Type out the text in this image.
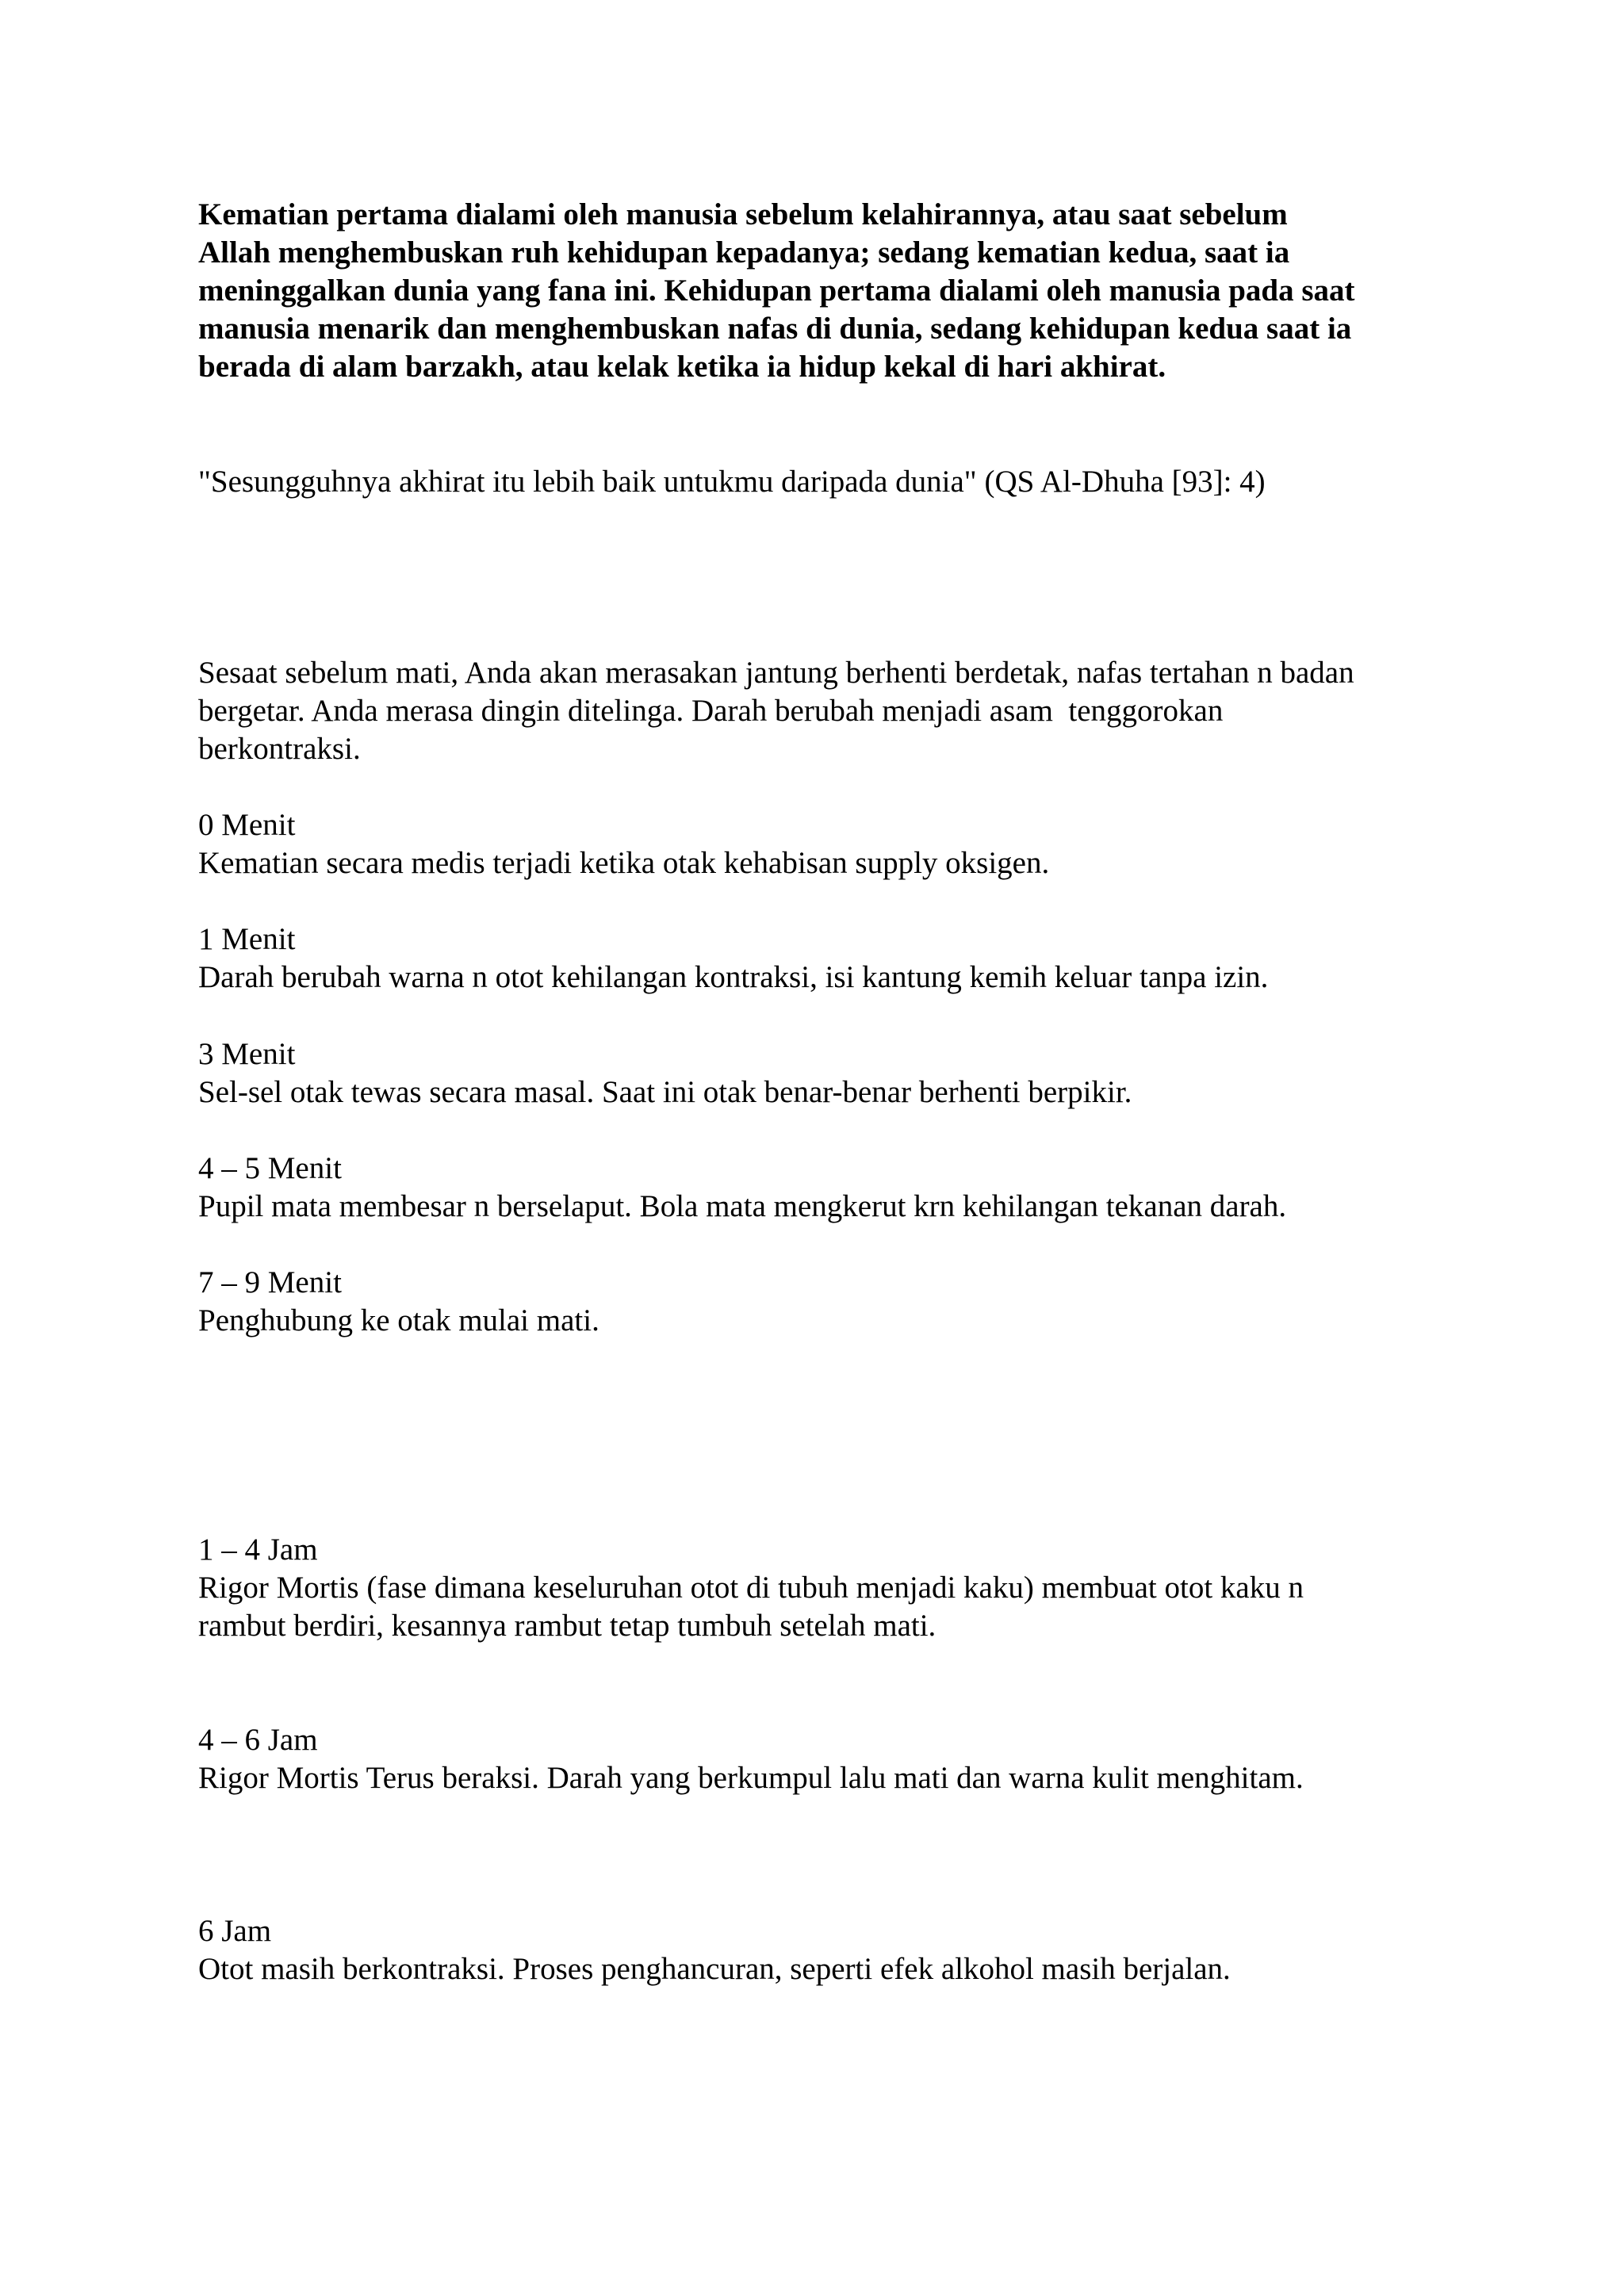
Kematian pertama dialami oleh manusia sebelum kelahirannya, atau saat sebelum
Allah menghembuskan ruh kehidupan kepadanya; sedang kematian kedua, saat ia
meninggalkan dunia yang fana ini. Kehidupan pertama dialami oleh manusia pada saat
manusia menarik dan menghembuskan nafas di dunia, sedang kehidupan kedua saat ia
berada di alam barzakh, atau kelak ketika ia hidup kekal di hari akhirat.
"Sesungguhnya akhirat itu lebih baik untukmu daripada dunia" (QS Al-Dhuha [93]: 4)
Sesaat sebelum mati, Anda akan merasakan jantung berhenti berdetak, nafas tertahan n badan
bergetar. Anda merasa dingin ditelinga. Darah berubah menjadi asam  tenggorokan
berkontraksi.
0 Menit
Kematian secara medis terjadi ketika otak kehabisan supply oksigen.
1 Menit
Darah berubah warna n otot kehilangan kontraksi, isi kantung kemih keluar tanpa izin.
3 Menit
Sel-sel otak tewas secara masal. Saat ini otak benar-benar berhenti berpikir.
4 – 5 Menit
Pupil mata membesar n berselaput. Bola mata mengkerut krn kehilangan tekanan darah.
7 – 9 Menit
Penghubung ke otak mulai mati.
1 – 4 Jam
Rigor Mortis (fase dimana keseluruhan otot di tubuh menjadi kaku) membuat otot kaku n
rambut berdiri, kesannya rambut tetap tumbuh setelah mati.
4 – 6 Jam
Rigor Mortis Terus beraksi. Darah yang berkumpul lalu mati dan warna kulit menghitam.
6 Jam
Otot masih berkontraksi. Proses penghancuran, seperti efek alkohol masih berjalan.
